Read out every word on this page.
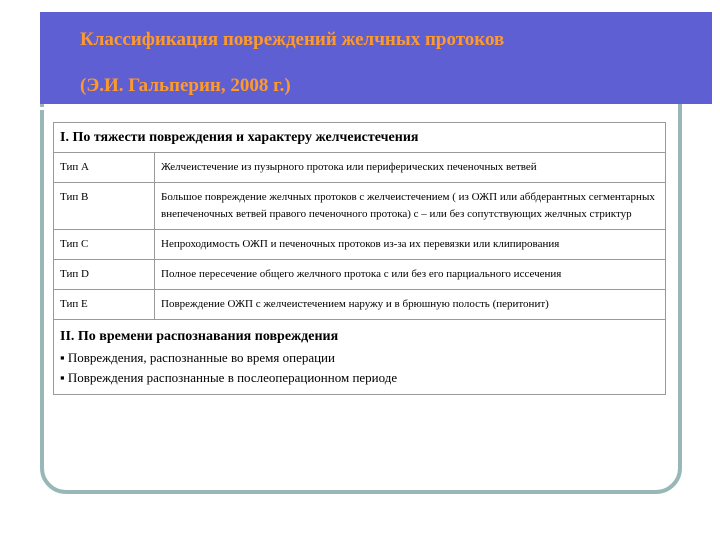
Классификация повреждений желчных протоков
(Э.И. Гальперин, 2008 г.)
I. По тяжести повреждения и характеру желчеистечения	
Тип А	Желчеистечение из пузырного протока или периферических печеночных ветвей
Тип В	Большое повреждение желчных протоков с желчеистечением ( из ОЖП или аббдерантных сегментарных внепеченочных ветвей правого печеночного протока) с – или без сопутствующих желчных стриктур
Тип С	Непроходимость ОЖП и печеночных протоков из-за их перевязки или клипирования
Тип D	Полное пересечение общего желчного протока с или без его парциального иссечения
Тип Е	Повреждение ОЖП с желчеистечением наружу и в брюшную полость (перитонит)

II. По времени распознавания повреждения
▪ Повреждения, распознанные во время операции
▪ Повреждения распознанные в послеоперационном периоде	
